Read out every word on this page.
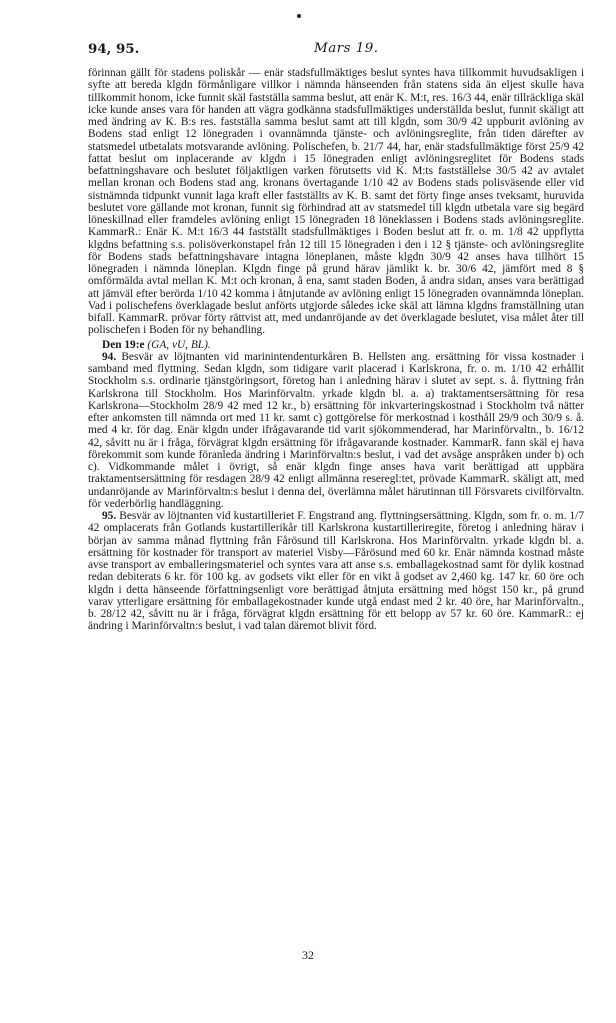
94, 95.	Mars 19.

förinnan gällt för stadens poliskår — enär stadsfullmäktiges beslut syntes hava tillkommit huvudsakligen i syfte att bereda klgdn förmånligare villkor i nämnda hänseenden från statens sida än eljest skulle hava tillkommit honom, icke funnit skäl fastställa samma beslut, att enär K. M:t, res. 16/3 44, enär tillräckliga skäl icke kunde anses vara för handen att vägra godkänna stadsfullmäktiges underställda beslut, funnit skäligt att med ändring av K. B:s res. fastställa samma beslut samt att till klgdn, som 30/9 42 uppburit avlöning av Bodens stad enligt 12 lönegraden i ovannämnda tjänste- och avlöningsreglite, från tiden därefter av statsmedel utbetalats motsvarande avlöning. Polischefen, b. 21/7 44, har, enär stadsfullmäktige först 25/9 42 fattat beslut om inplacerande av klgdn i 15 lönegraden enligt avlöningsreglitet för Bodens stads befattningshavare och beslutet följaktligen varken förutsetts vid K. M:ts fastställelse 30/5 42 av avtalet mellan kronan och Bodens stad ang. kronans övertagande 1/10 42 av Bodens stads polisväsende eller vid sistnämnda tidpunkt vunnit laga kraft eller fastställts av K. B. samt det förty finge anses tveksamt, huruvida beslutet vore gällande mot kronan, funnit sig förhindrad att av statsmedel till klgdn utbetala vare sig begärd löneskillnad eller framdeles avlöning enligt 15 lönegraden 18 löneklassen i Bodens stads avlöningsreglite. KammarR.: Enär K. M:t 16/3 44 fastställt stadsfullmäktiges i Boden beslut att fr. o. m. 1/8 42 uppflytta klgdns befattning s.s. polisöverkonstapel från 12 till 15 lönegraden i den i 12 § tjänste- och avlöningsreglite för Bodens stads befattningshavare intagna löneplanen, måste klgdn 30/9 42 anses hava tillhört 15 lönegraden i nämnda löneplan. Klgdn finge på grund härav jämlikt k. br. 30/6 42, jämfört med 8 § omförmälda avtal mellan K. M:t och kronan, å ena, samt staden Boden, å andra sidan, anses vara berättigad att jämväl efter berörda 1/10 42 komma i åtnjutande av avlöning enligt 15 lönegraden ovannämnda löneplan. Vad i polischefens överklagade beslut anförts utgjorde således icke skäl att lämna klgdns framställning utan bifall. KammarR. prövar förty rättvist att, med undanröjande av det överklagade beslutet, visa målet åter till polischefen i Boden för ny behandling.

Den 19:e (GA, vU, BL).

94. Besvär av löjtnanten vid marinintendenturkåren B. Hellsten ang. ersättning för vissa kostnader i samband med flyttning. Sedan klgdn, som tidigare varit placerad i Karlskrona, fr. o. m. 1/10 42 erhållit Stockholm s.s. ordinarie tjänstgöringsort, företog han i anledning härav i slutet av sept. s. å. flyttning från Karlskrona till Stockholm. Hos Marinförvaltn. yrkade klgdn bl. a. a) traktamentsersättning för resa Karlskrona—Stockholm 28/9 42 med 12 kr., b) ersättning för inkvarteringskostnad i Stockholm två nätter efter ankomsten till nämnda ort med 11 kr. samt c) gottgörelse för merkostnad i kosthåll 29/9 och 30/9 s. å. med 4 kr. för dag. Enär klgdn under ifrågavarande tid varit sjökommenderad, har Marinförvaltn., b. 16/12 42, såvitt nu är i fråga, förvägrat klgdn ersättning för ifrågavarande kostnader. KammarR. fann skäl ej hava förekommit som kunde föranleda ändring i Marinförvaltn:s beslut, i vad det avsåge anspråken under b) och c). Vidkommande målet i övrigt, så enär klgdn finge anses hava varit berättigad att uppbära traktamentsersättning för resdagen 28/9 42 enligt allmänna reseregl:tet, prövade KammarR. skäligt att, med undanröjande av Marinförvaltn:s beslut i denna del, överlämna målet härutinnan till Försvarets civilförvaltn. för vederbörlig handläggning.

95. Besvär av löjtnanten vid kustartilleriet F. Engstrand ang. flyttningsersättning. Klgdn, som fr. o. m. 1/7 42 omplacerats från Gotlands kustartillerikår till Karlskrona kustartilleriregite, företog i anledning härav i början av samma månad flyttning från Fårösund till Karlskrona. Hos Marinförvaltn. yrkade klgdn bl. a. ersättning för kostnader för transport av materiel Visby—Fårösund med 60 kr. Enär nämnda kostnad måste avse transport av emballeringsmateriel och syntes vara att anse s.s. emballagekostnad samt för dylik kostnad redan debiterats 6 kr. för 100 kg. av godsets vikt eller för en vikt å godset av 2,460 kg. 147 kr. 60 öre och klgdn i detta hänseende författningsenligt vore berättigad åtnjuta ersättning med högst 150 kr., på grund varav ytterligare ersättning för emballagekostnader kunde utgå endast med 2 kr. 40 öre, har Marinförvaltn., b. 28/12 42, såvitt nu är i fråga, förvägrat klgdn ersättning för ett belopp av 57 kr. 60 öre. KammarR.: ej ändring i Marinförvaltn:s beslut, i vad talan däremot blivit förd.

32
